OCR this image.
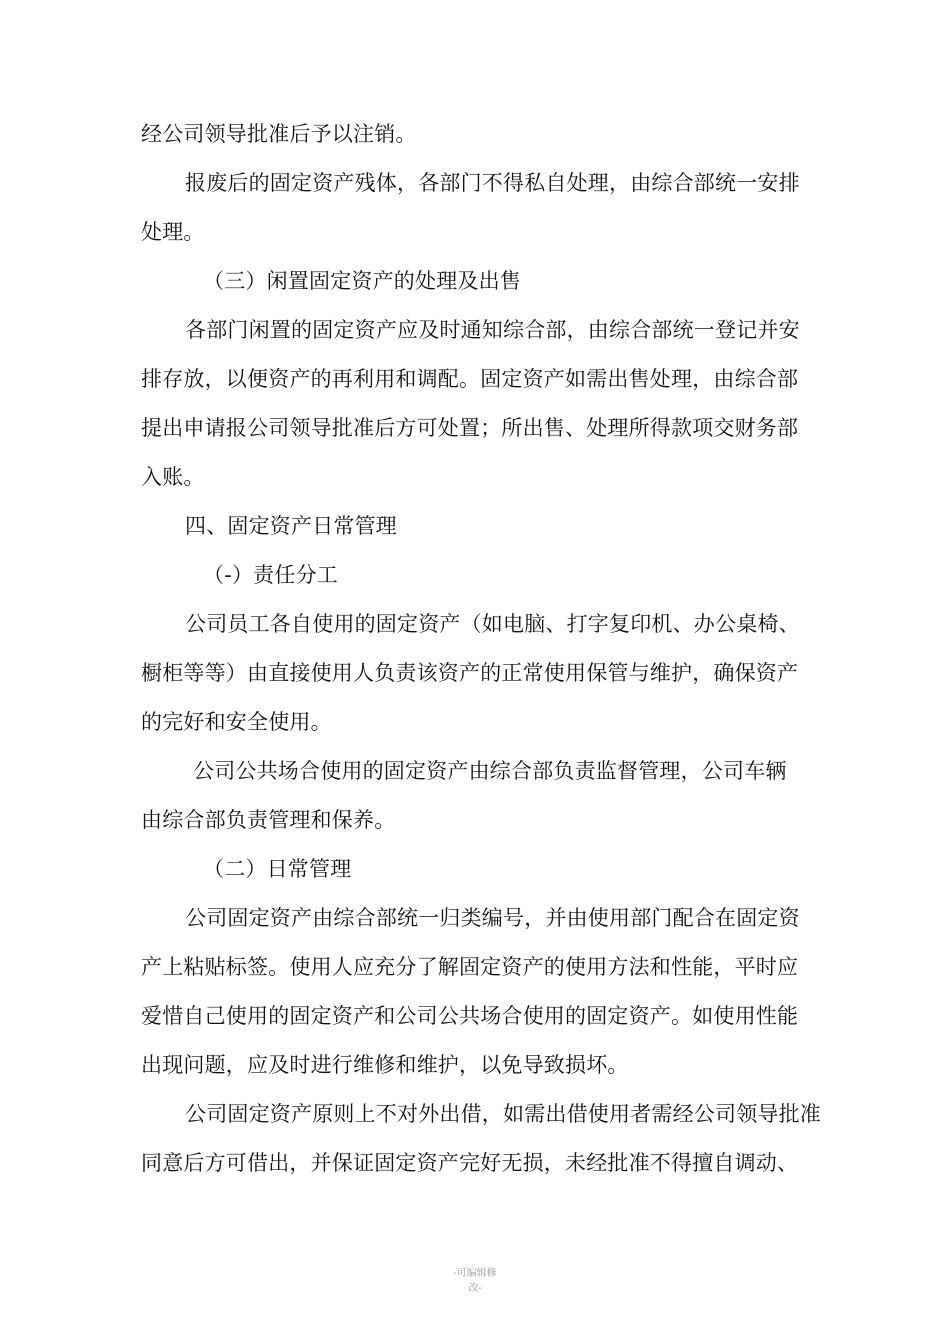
经公司领导批准后予以注销。
报废后的固定资产残体，各部门不得私自处理，由综合部统一安排处理。
（三）闲置固定资产的处理及出售
各部门闲置的固定资产应及时通知综合部，由综合部统一登记并安排存放，以便资产的再利用和调配。固定资产如需出售处理，由综合部提出申请报公司领导批准后方可处置；所出售、处理所得款项交财务部入账。
四、固定资产日常管理
（-）责任分工
公司员工各自使用的固定资产（如电脑、打字复印机、办公桌椅、橱柜等等）由直接使用人负责该资产的正常使用保管与维护，确保资产的完好和安全使用。
公司公共场合使用的固定资产由综合部负责监督管理，公司车辆由综合部负责管理和保养。
（二）日常管理
公司固定资产由综合部统一归类编号，并由使用部门配合在固定资产上粘贴标签。使用人应充分了解固定资产的使用方法和性能，平时应爱惜自己使用的固定资产和公司公共场合使用的固定资产。如使用性能出现问题，应及时进行维修和维护，以免导致损坏。
公司固定资产原则上不对外出借，如需出借使用者需经公司领导批准同意后方可借出，并保证固定资产完好无损，未经批准不得擅自调动、
-可编辑修
改-
